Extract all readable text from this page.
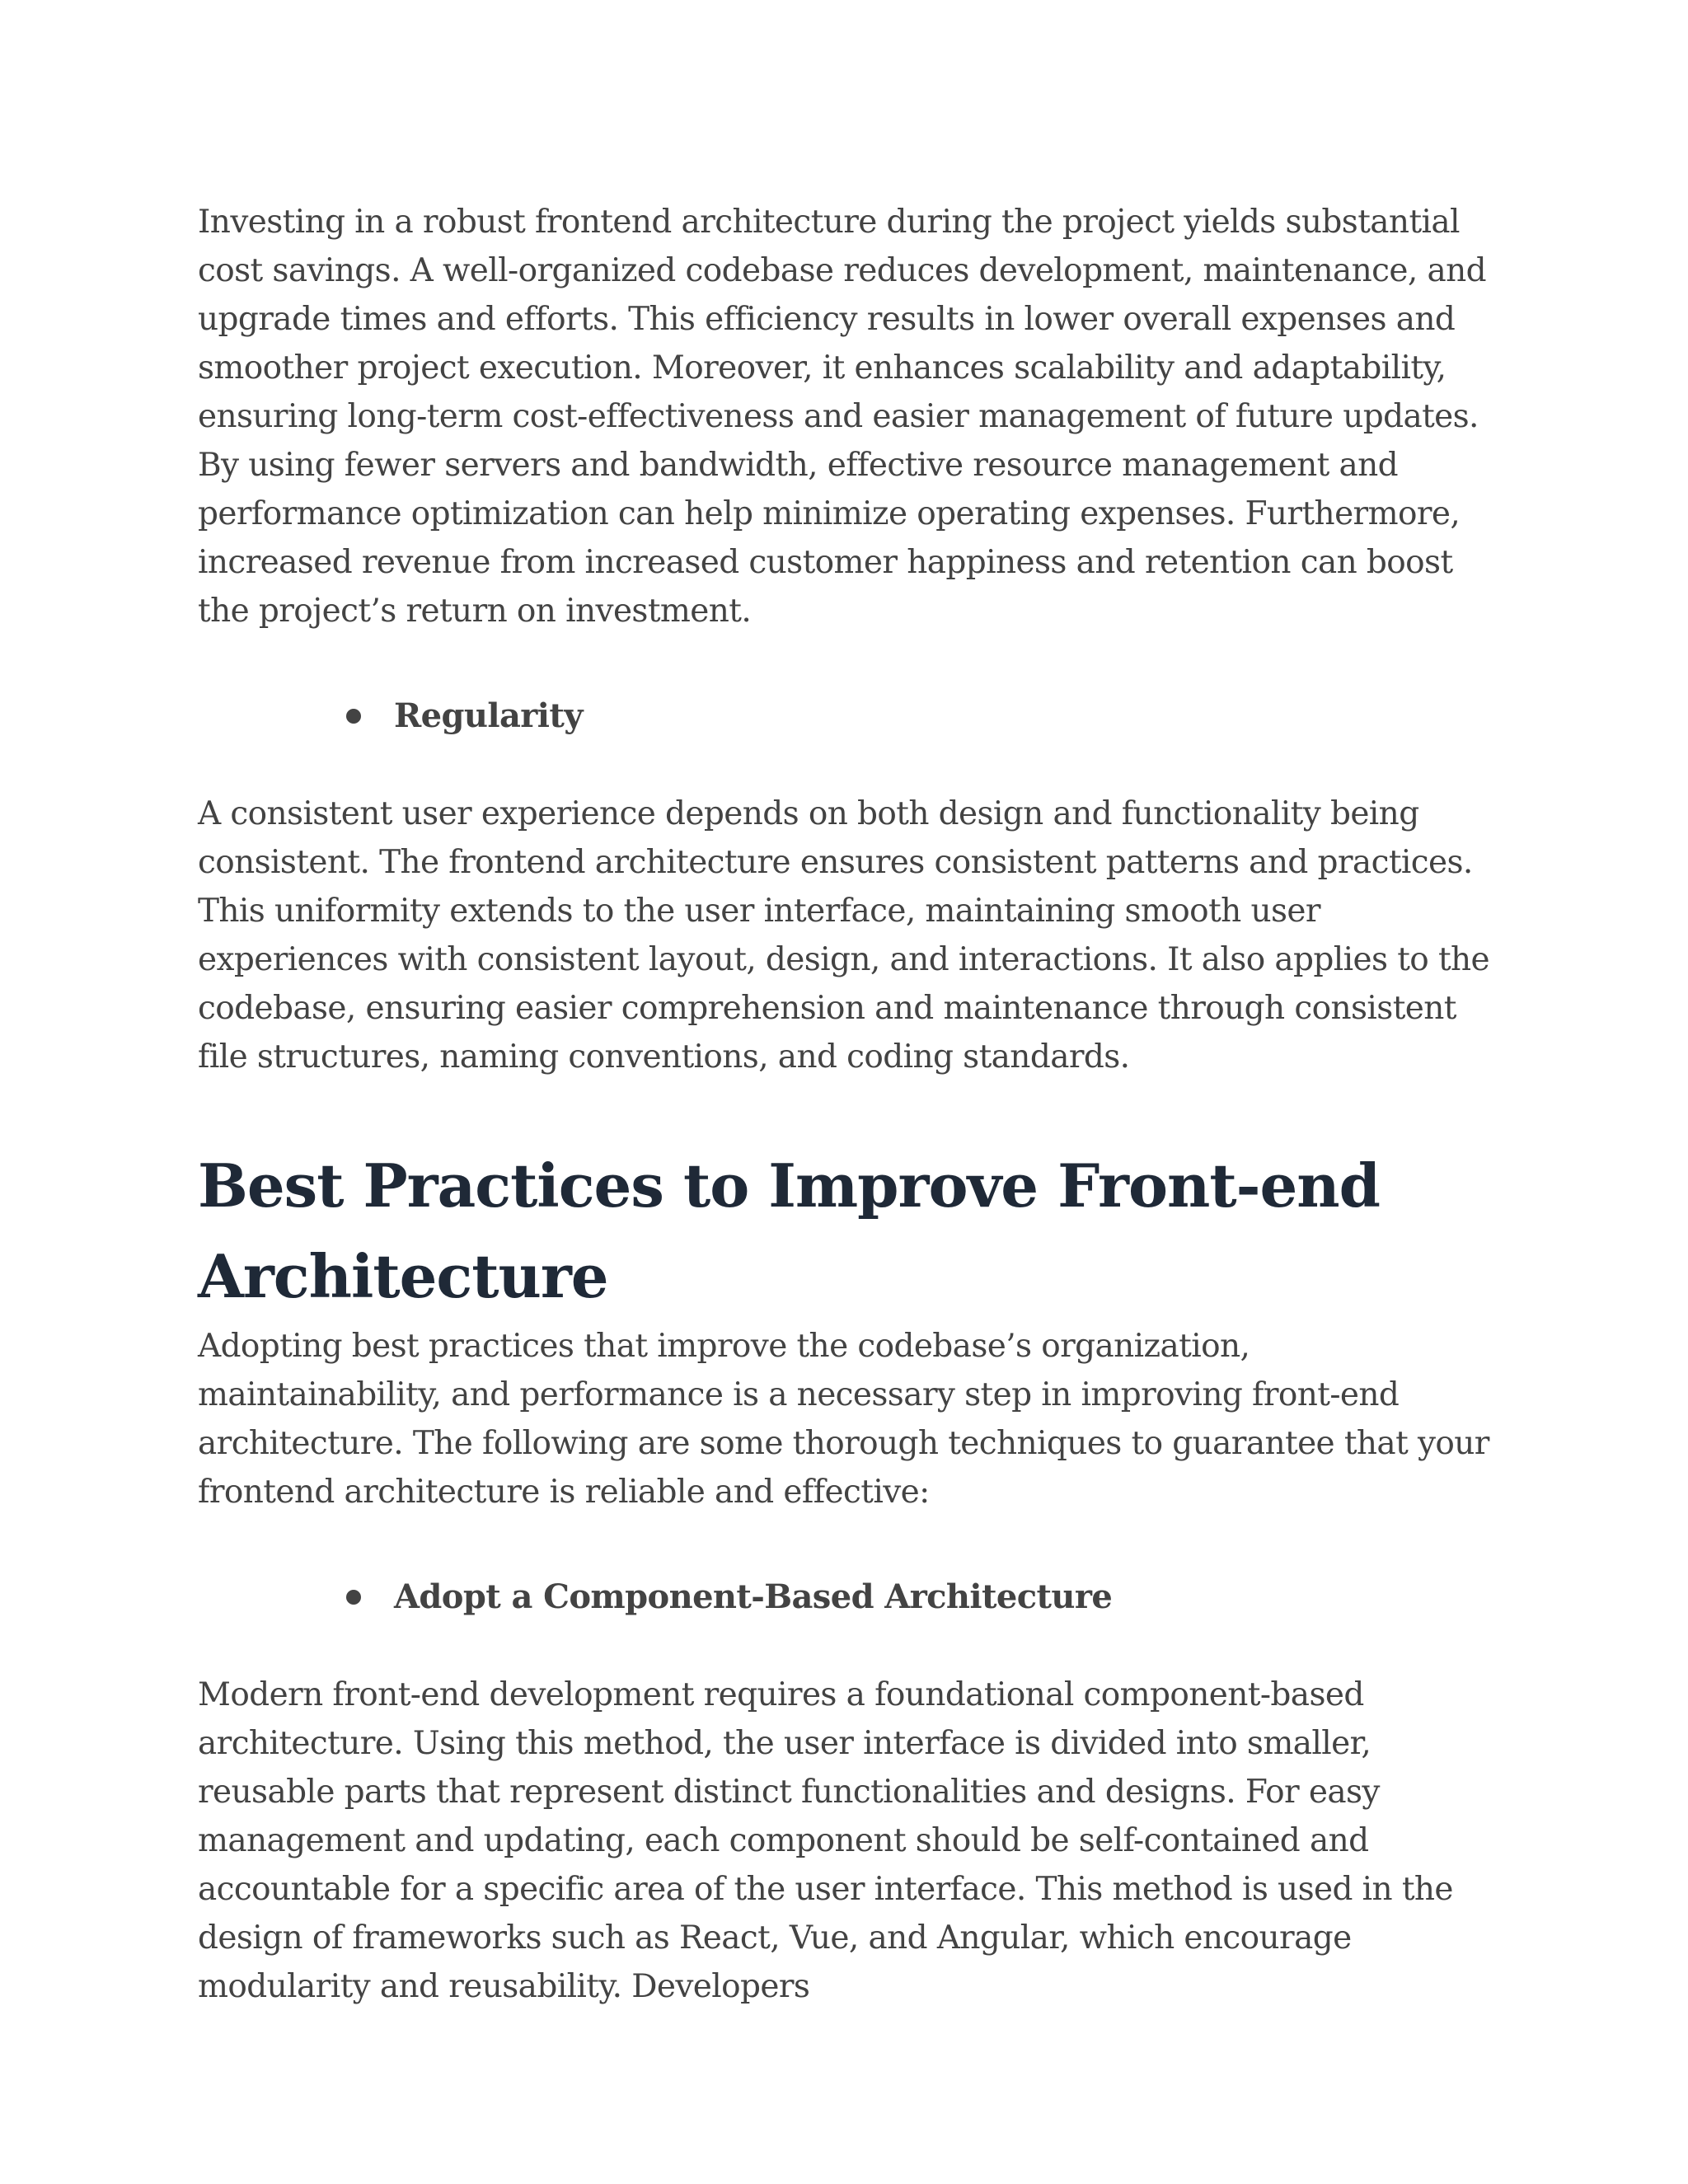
Investing in a robust frontend architecture during the project yields substantial cost savings. A well-organized codebase reduces development, maintenance, and upgrade times and efforts. This efficiency results in lower overall expenses and smoother project execution. Moreover, it enhances scalability and adaptability, ensuring long-term cost-effectiveness and easier management of future updates. By using fewer servers and bandwidth, effective resource management and performance optimization can help minimize operating expenses. Furthermore, increased revenue from increased customer happiness and retention can boost the project’s return on investment.

Regularity

A consistent user experience depends on both design and functionality being consistent. The frontend architecture ensures consistent patterns and practices. This uniformity extends to the user interface, maintaining smooth user experiences with consistent layout, design, and interactions. It also applies to the codebase, ensuring easier comprehension and maintenance through consistent file structures, naming conventions, and coding standards.

Best Practices to Improve Front-end Architecture

Adopting best practices that improve the codebase’s organization, maintainability, and performance is a necessary step in improving front-end architecture. The following are some thorough techniques to guarantee that your frontend architecture is reliable and effective:

Adopt a Component-Based Architecture

Modern front-end development requires a foundational component-based architecture. Using this method, the user interface is divided into smaller, reusable parts that represent distinct functionalities and designs. For easy management and updating, each component should be self-contained and accountable for a specific area of the user interface. This method is used in the design of frameworks such as React, Vue, and Angular, which encourage modularity and reusability. Developers
